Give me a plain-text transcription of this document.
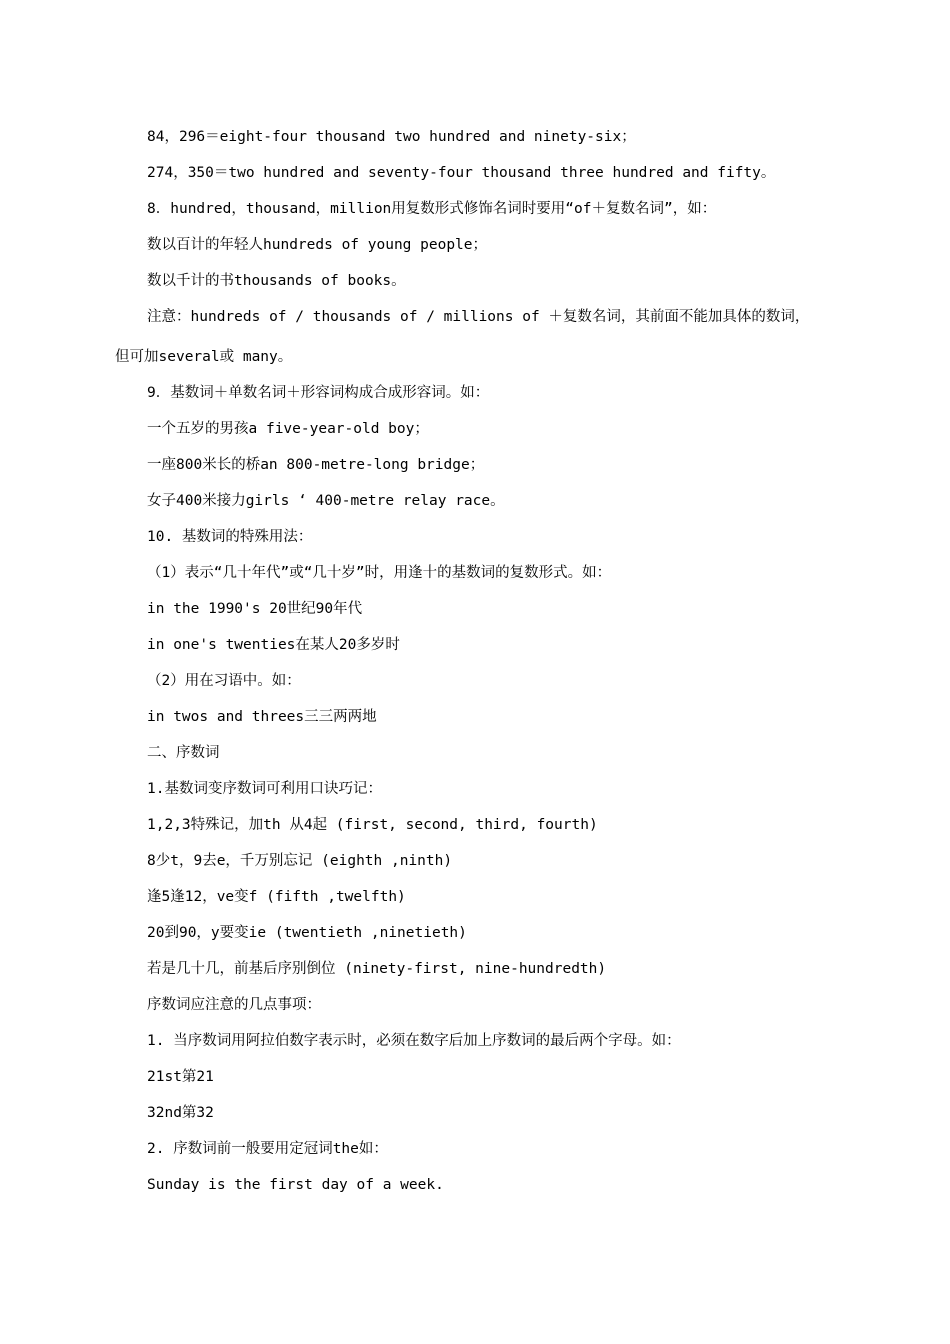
84，296＝eight-four thousand two hundred and ninety-six；
274，350＝two hundred and seventy-four thousand three hundred and fifty。
8．hundred，thousand，million用复数形式修饰名词时要用“of＋复数名词”，如：
数以百计的年轻人hundreds of young people；
数以千计的书thousands of books。
注意：hundreds of / thousands of / millions of ＋复数名词，其前面不能加具体的数词，
但可加several或 many。
9．基数词＋单数名词＋形容词构成合成形容词。如：
一个五岁的男孩a five-year-old boy；
一座800米长的桥an 800-metre-long bridge；
女子400米接力girls ‘ 400-metre relay race。
10. 基数词的特殊用法：
（1）表示“几十年代”或“几十岁”时，用逢十的基数词的复数形式。如：
in the 1990's 20世纪90年代
in one's twenties在某人20多岁时
（2）用在习语中。如：
in twos and threes三三两两地
二、序数词
1.基数词变序数词可利用口诀巧记：
1,2,3特殊记，加th 从4起 (first, second, third, fourth)
8少t，9去e，千万别忘记 (eighth ,ninth)
逢5逢12，ve变f (fifth ,twelfth)
20到90，y要变ie (twentieth ,ninetieth)
若是几十几，前基后序别倒位 (ninety-first, nine-hundredth)
序数词应注意的几点事项：
1. 当序数词用阿拉伯数字表示时，必须在数字后加上序数词的最后两个字母。如：
21st第21
32nd第32
2. 序数词前一般要用定冠词the如：
Sunday is the first day of a week.
